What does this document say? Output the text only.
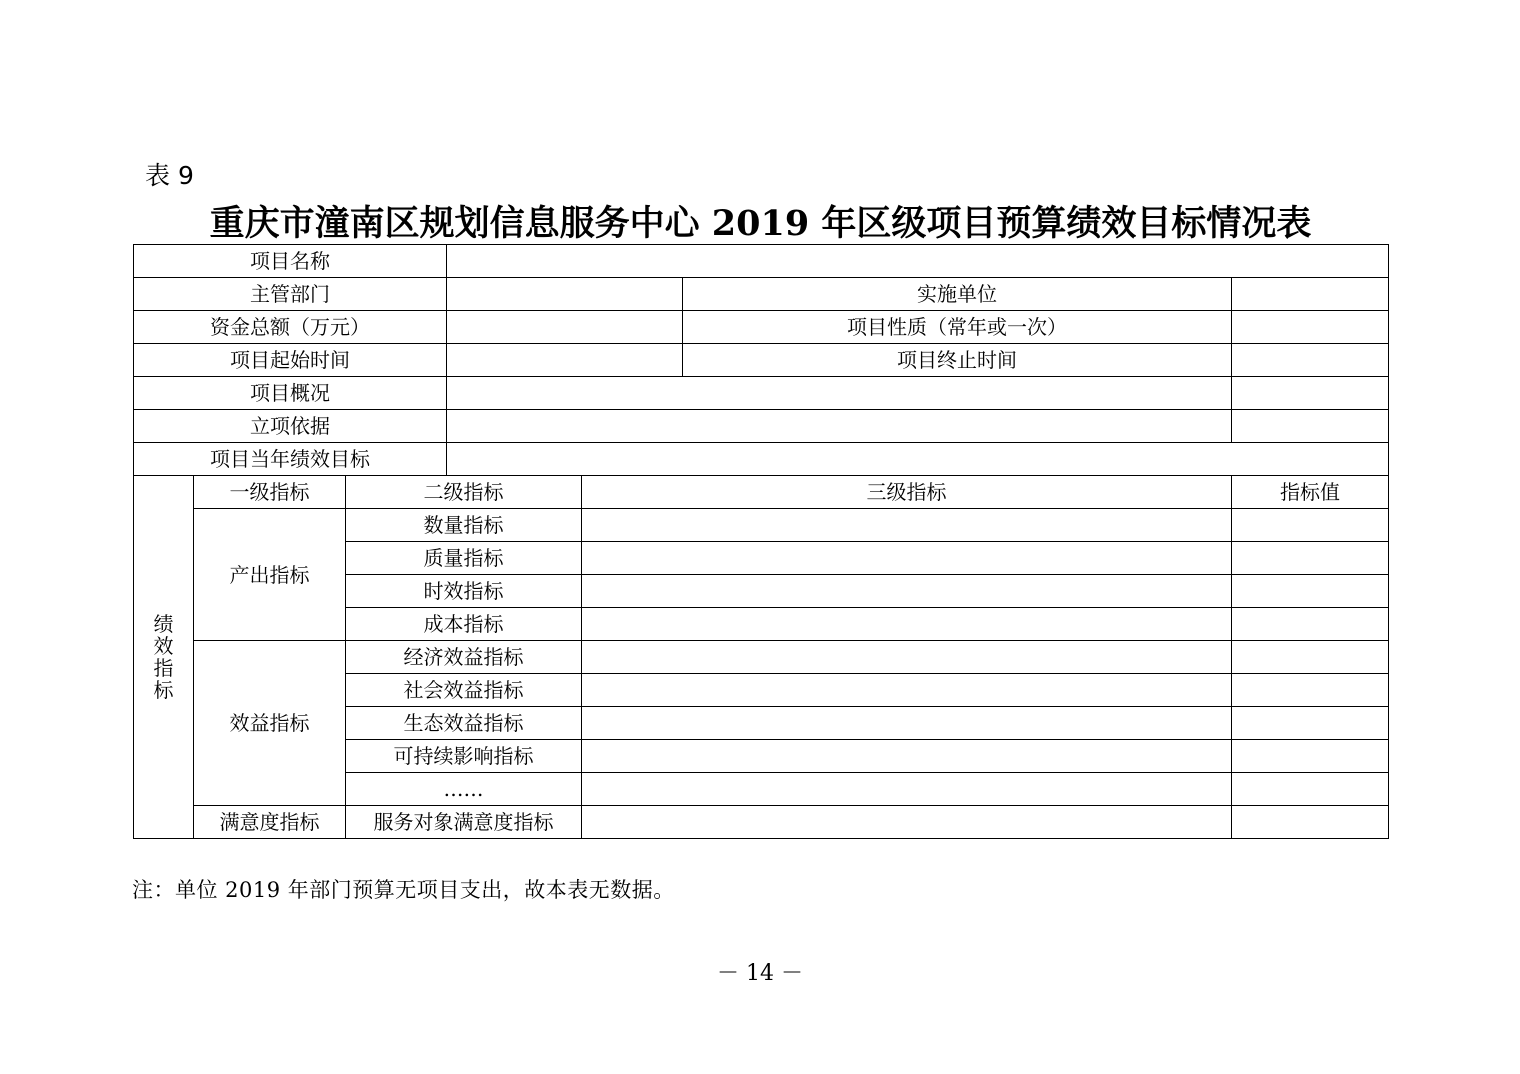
表 9
重庆市潼南区规划信息服务中心 2019 年区级项目预算绩效目标情况表
项目名称						
主管部门					实施单位	
资金总额（万元）					项目性质（常年或一次）	
项目起始时间					项目终止时间	
项目概况						
立项依据						
项目当年绩效目标						
绩效指标	一级指标	二级指标		三级指标		指标值
	产出指标	数量指标				
		质量指标				
		时效指标				
		成本指标				
	效益指标	经济效益指标				
		社会效益指标				
		生态效益指标				
		可持续影响指标				
		……				
	满意度指标	服务对象满意度指标				
注：单位 2019 年部门预算无项目支出，故本表无数据。
－ 14 －
